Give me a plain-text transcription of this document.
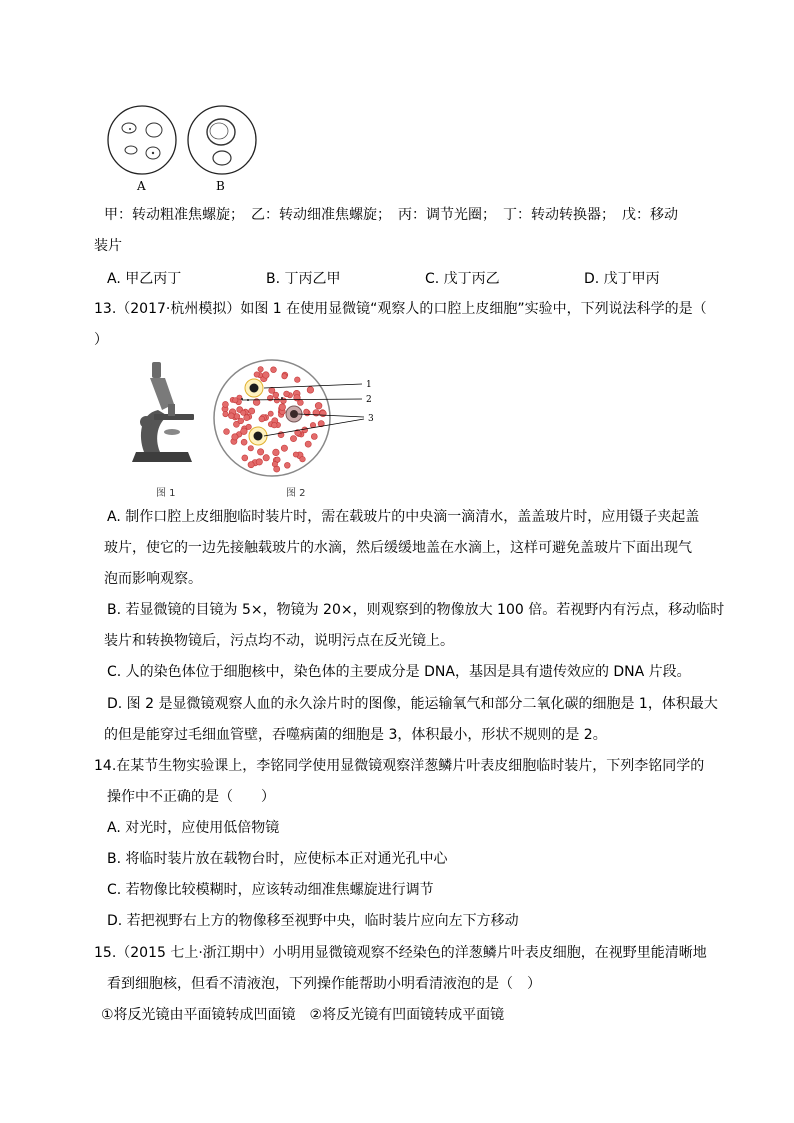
A	B
甲：转动粗准焦螺旋；　乙：转动细准焦螺旋；　丙：调节光圈；　丁：转动转换器；　戊：移动
装片
A. 甲乙丙丁	B. 丁丙乙甲	C. 戊丁丙乙	D. 戊丁甲丙
13.（2017·杭州模拟）如图 1 在使用显微镜“观察人的口腔上皮细胞”实验中，下列说法科学的是（
）
图 1
1
2
3
图 2
A. 制作口腔上皮细胞临时装片时，需在载玻片的中央滴一滴清水，盖盖玻片时，应用镊子夹起盖
玻片，使它的一边先接触载玻片的水滴，然后缓缓地盖在水滴上，这样可避免盖玻片下面出现气
泡而影响观察。
B. 若显微镜的目镜为 5×，物镜为 20×，则观察到的物像放大 100 倍。若视野内有污点，移动临时
装片和转换物镜后，污点均不动，说明污点在反光镜上。
C. 人的染色体位于细胞核中，染色体的主要成分是 DNA，基因是具有遗传效应的 DNA 片段。
D. 图 2 是显微镜观察人血的永久涂片时的图像，能运输氧气和部分二氧化碳的细胞是 1，体积最大
的但是能穿过毛细血管壁，吞噬病菌的细胞是 3，体积最小，形状不规则的是 2。
14.在某节生物实验课上，李铭同学使用显微镜观察洋葱鳞片叶表皮细胞临时装片，下列李铭同学的
操作中不正确的是（　　）
A. 对光时，应使用低倍物镜
B. 将临时装片放在载物台时，应使标本正对通光孔中心
C. 若物像比较模糊时，应该转动细准焦螺旋进行调节
D. 若把视野右上方的物像移至视野中央，临时装片应向左下方移动
15.（2015 七上·浙江期中）小明用显微镜观察不经染色的洋葱鳞片叶表皮细胞，在视野里能清晰地
看到细胞核，但看不清液泡，下列操作能帮助小明看清液泡的是（　）
①将反光镜由平面镜转成凹面镜　②将反光镜有凹面镜转成平面镜
